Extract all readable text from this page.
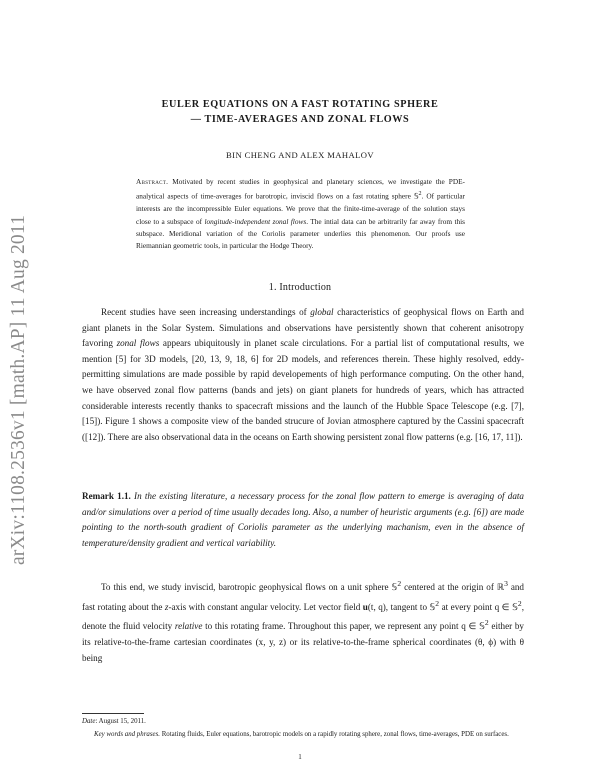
arXiv:1108.2536v1 [math.AP] 11 Aug 2011
EULER EQUATIONS ON A FAST ROTATING SPHERE
— TIME-AVERAGES AND ZONAL FLOWS
BIN CHENG AND ALEX MAHALOV
Abstract. Motivated by recent studies in geophysical and planetary sciences, we investigate the PDE-analytical aspects of time-averages for barotropic, inviscid flows on a fast rotating sphere 𝕊$^2$. Of particular interests are the incompressible Euler equations. We prove that the finite-time-average of the solution stays close to a subspace of longitude-independent zonal flows. The intial data can be arbitrarily far away from this subspace. Meridional variation of the Coriolis parameter underlies this phenomenon. Our proofs use Riemannian geometric tools, in particular the Hodge Theory.
1. Introduction
Recent studies have seen increasing understandings of global characteristics of geophysical flows on Earth and giant planets in the Solar System. Simulations and observations have persistently shown that coherent anisotropy favoring zonal flows appears ubiquitously in planet scale circulations. For a partial list of computational results, we mention [5] for 3D models, [20, 13, 9, 18, 6] for 2D models, and references therein. These highly resolved, eddy-permitting simulations are made possible by rapid developements of high performance computing. On the other hand, we have observed zonal flow patterns (bands and jets) on giant planets for hundreds of years, which has attracted considerable interests recently thanks to spacecraft missions and the launch of the Hubble Space Telescope (e.g. [7], [15]). Figure 1 shows a composite view of the banded strucure of Jovian atmosphere captured by the Cassini spacecraft ([12]). There are also observational data in the oceans on Earth showing persistent zonal flow patterns (e.g. [16, 17, 11]).
Remark 1.1. In the existing literature, a necessary process for the zonal flow pattern to emerge is averaging of data and/or simulations over a period of time usually decades long. Also, a number of heuristic arguments (e.g. [6]) are made pointing to the north-south gradient of Coriolis parameter as the underlying machanism, even in the absence of temperature/density gradient and vertical variability.
To this end, we study inviscid, barotropic geophysical flows on a unit sphere 𝕊$^2$ centered at the origin of ℝ$^3$ and fast rotating about the z-axis with constant angular velocity. Let vector field u(t, q), tangent to 𝕊$^2$ at every point q ∈ 𝕊$^2$, denote the fluid velocity relative to this rotating frame. Throughout this paper, we represent any point q ∈ 𝕊$^2$ either by its relative-to-the-frame cartesian coordinates (x, y, z) or its relative-to-the-frame spherical coordinates (θ, ϕ) with θ being
Date: August 15, 2011.
Key words and phrases. Rotating fluids, Euler equations, barotropic models on a rapidly rotating sphere, zonal flows, time-averages, PDE on surfaces.
1
